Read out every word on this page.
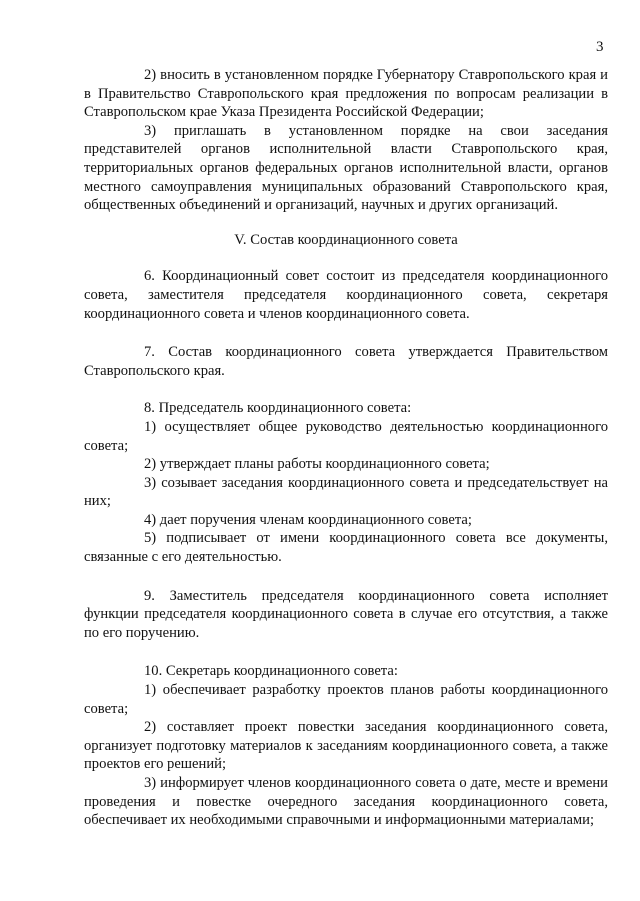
3

2) вносить в установленном порядке Губернатору Ставропольского края и в Правительство Ставропольского края предложения по вопросам реализации в Ставропольском крае Указа Президента Российской Федерации;

3) приглашать в установленном порядке на свои заседания представителей органов исполнительной власти Ставропольского края, территориальных органов федеральных органов исполнительной власти, органов местного самоуправления муниципальных образований Ставропольского края, общественных объединений и организаций, научных и других организаций.

V. Состав координационного совета

6. Координационный совет состоит из председателя координационного совета, заместителя председателя координационного совета, секретаря координационного совета и членов координационного совета.

7. Состав координационного совета утверждается Правительством Ставропольского края.

8. Председатель координационного совета:

1) осуществляет общее руководство деятельностью координационного совета;

2) утверждает планы работы координационного совета;

3) созывает заседания координационного совета и председательствует на них;

4) дает поручения членам координационного совета;

5) подписывает от имени координационного совета все документы, связанные с его деятельностью.

9. Заместитель председателя координационного совета исполняет функции председателя координационного совета в случае его отсутствия, а также по его поручению.

10. Секретарь координационного совета:

1) обеспечивает разработку проектов планов работы координационного совета;

2) составляет проект повестки заседания координационного совета, организует подготовку материалов к заседаниям координационного совета, а также проектов его решений;

3) информирует членов координационного совета о дате, месте и времени проведения и повестке очередного заседания координационного совета, обеспечивает их необходимыми справочными и информационными материалами;
